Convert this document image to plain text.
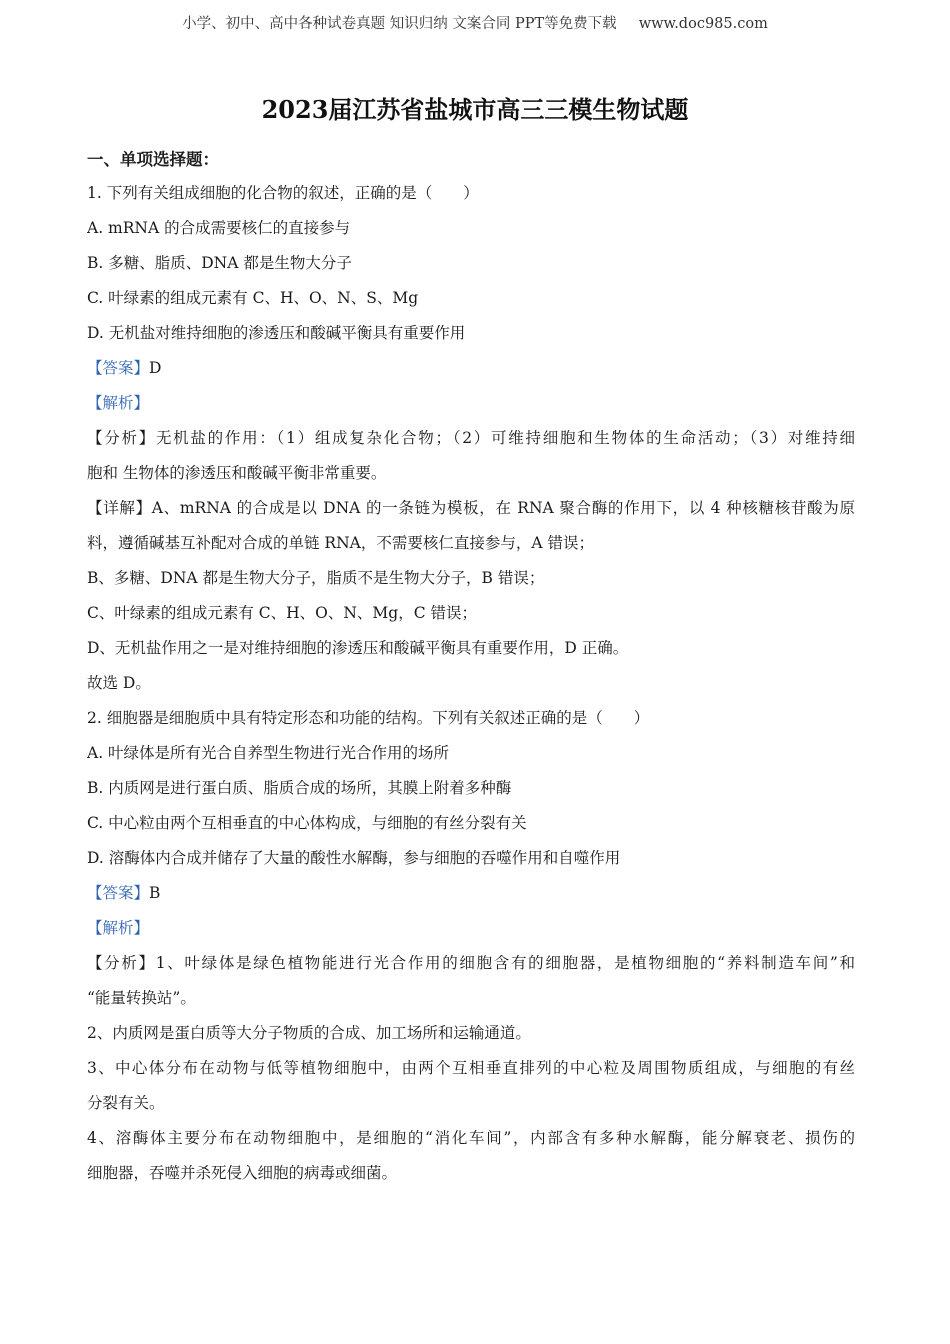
小学、初中、高中各种试卷真题 知识归纳 文案合同 PPT等免费下载 www.doc985.com
2023届江苏省盐城市高三三模生物试题
一、单项选择题：
1. 下列有关组成细胞的化合物的叙述，正确的是（　　）
A. mRNA 的合成需要核仁的直接参与
B. 多糖、脂质、DNA 都是生物大分子
C. 叶绿素的组成元素有 C、H、O、N、S、Mg
D. 无机盐对维持细胞的渗透压和酸碱平衡具有重要作用
【答案】D
【解析】
【分析】无机盐的作用：（1）组成复杂化合物；（2）可维持细胞和生物体的生命活动；（3）对维持细
胞和 生物体的渗透压和酸碱平衡非常重要。
【详解】A、mRNA 的合成是以 DNA 的一条链为模板，在 RNA 聚合酶的作用下，以 4 种核糖核苷酸为原
料，遵循碱基互补配对合成的单链 RNA，不需要核仁直接参与，A 错误；
B、多糖、DNA 都是生物大分子，脂质不是生物大分子，B 错误；
C、叶绿素的组成元素有 C、H、O、N、Mg，C 错误；
D、无机盐作用之一是对维持细胞的渗透压和酸碱平衡具有重要作用，D 正确。
故选 D。
2. 细胞器是细胞质中具有特定形态和功能的结构。下列有关叙述正确的是（　　）
A. 叶绿体是所有光合自养型生物进行光合作用的场所
B. 内质网是进行蛋白质、脂质合成的场所，其膜上附着多种酶
C. 中心粒由两个互相垂直的中心体构成，与细胞的有丝分裂有关
D. 溶酶体内合成并储存了大量的酸性水解酶，参与细胞的吞噬作用和自噬作用
【答案】B
【解析】
【分析】1、叶绿体是绿色植物能进行光合作用的细胞含有的细胞器，是植物细胞的“养料制造车间”和
“能量转换站”。
2、内质网是蛋白质等大分子物质的合成、加工场所和运输通道。
3、中心体分布在动物与低等植物细胞中，由两个互相垂直排列的中心粒及周围物质组成，与细胞的有丝
分裂有关。
4、溶酶体主要分布在动物细胞中，是细胞的“消化车间”，内部含有多种水解酶，能分解衰老、损伤的
细胞器，吞噬并杀死侵入细胞的病毒或细菌。
